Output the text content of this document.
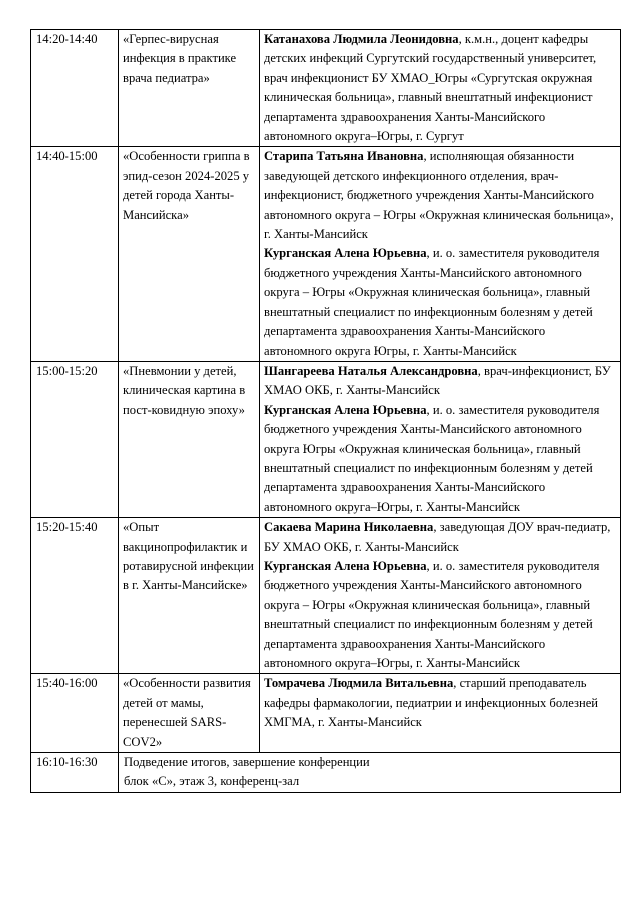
14:20-14:40	«Герпес-вирусная инфекция в практике врача педиатра»	Катанахова Людмила Леонидовна, к.м.н., доцент кафедры детских инфекций Сургутский государственный университет, врач инфекционист БУ ХМАО_Югры «Сургутская окружная клиническая больница», главный внештатный инфекционист департамента здравоохранения Ханты-Мансийского автономного округа–Югры, г. Сургут

14:40-15:00	«Особенности гриппа в эпид-сезон 2024-2025 у детей города Ханты-Мансийска»	Старипа Татьяна Ивановна, исполняющая обязанности заведующей детского инфекционного отделения, врач-инфекционист, бюджетного учреждения Ханты-Мансийского автономного округа – Югры «Окружная клиническая больница», г. Ханты-Мансийск

Курганская Алена Юрьевна, и. о. заместителя руководителя бюджетного учреждения Ханты-Мансийского автономного округа – Югры «Окружная клиническая больница», главный внештатный специалист по инфекционным болезням у детей департамента здравоохранения Ханты-Мансийского автономного округа Югры, г. Ханты-Мансийск

15:00-15:20	«Пневмонии у детей, клиническая картина в пост-ковидную эпоху»	Шангареева Наталья Александровна, врач-инфекционист, БУ ХМАО ОКБ, г. Ханты-Мансийск

Курганская Алена Юрьевна, и. о. заместителя руководителя бюджетного учреждения Ханты-Мансийского автономного округа Югры «Окружная клиническая больница», главный внештатный специалист по инфекционным болезням у детей департамента здравоохранения Ханты-Мансийского автономного округа–Югры, г. Ханты-Мансийск

15:20-15:40	«Опыт вакцинопрофилактик и ротавирусной инфекции в г. Ханты-Мансийске»	Сакаева Марина Николаевна, заведующая ДОУ врач-педиатр, БУ ХМАО ОКБ, г. Ханты-Мансийск

Курганская Алена Юрьевна, и. о. заместителя руководителя бюджетного учреждения Ханты-Мансийского автономного округа – Югры «Окружная клиническая больница», главный внештатный специалист по инфекционным болезням у детей департамента здравоохранения Ханты-Мансийского автономного округа–Югры, г. Ханты-Мансийск

15:40-16:00	«Особенности развития детей от мамы, перенесшей SARS-COV2»	Томрачева Людмила Витальевна, старший преподаватель кафедры фармакологии, педиатрии и инфекционных болезней ХМГМА, г. Ханты-Мансийск

16:10-16:30	Подведение итогов, завершение конференции
блок «С», этаж 3, конференц-зал	
